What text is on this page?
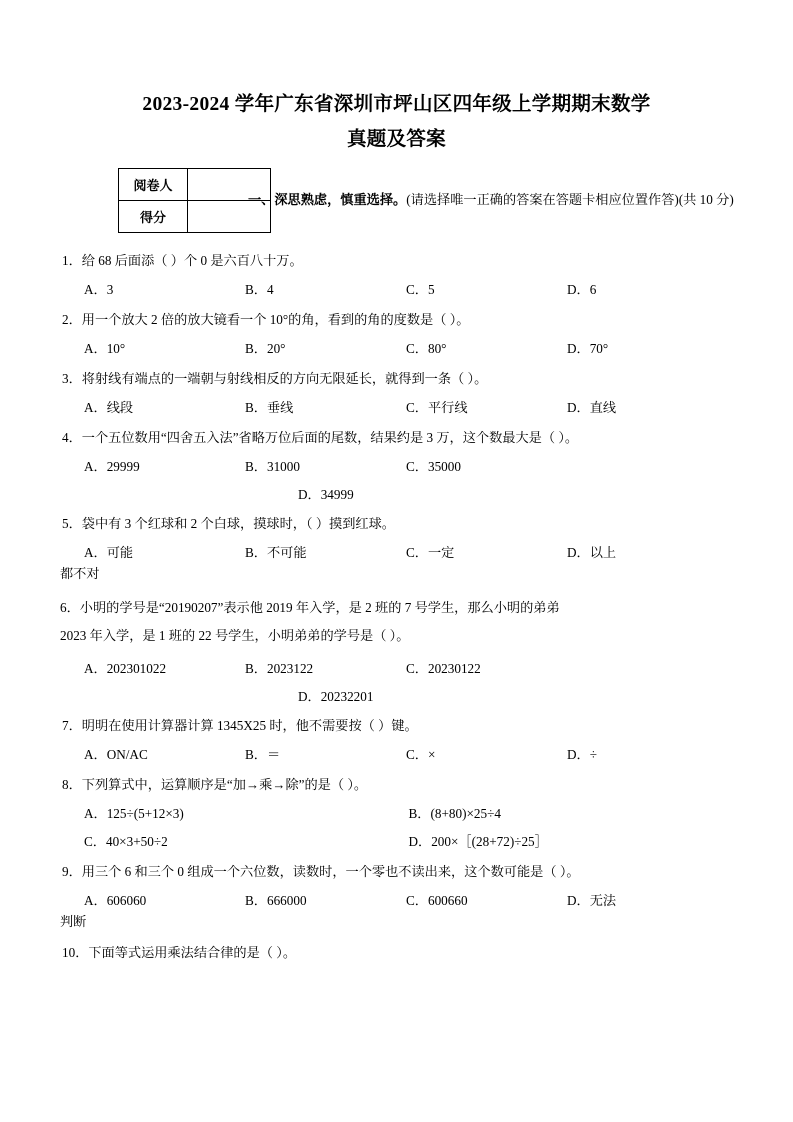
2023-2024 学年广东省深圳市坪山区四年级上学期期末数学
真题及答案
阅卷人	
得分	
一、深思熟虑，慎重选择。(请选择唯一正确的答案在答题卡相应位置作答)(共 10 分)
1．给 68 后面添（ ）个 0 是六百八十万。
A．3	B．4	C．5	D．6
2．用一个放大 2 倍的放大镜看一个 10°的角，看到的角的度数是（ ）。
A．10°	B．20°	C．80°	D．70°
3．将射线有端点的一端朝与射线相反的方向无限延长，就得到一条（ ）。
A．线段	B．垂线	C．平行线	D．直线
4．一个五位数用“四舍五入法”省略万位后面的尾数，结果约是 3 万，这个数最大是（ ）。
A．29999	B．31000	C．35000
D．34999
5．袋中有 3 个红球和 2 个白球，摸球时，（ ）摸到红球。
A．可能	B．不可能	C．一定	D．以上
都不对
6．小明的学号是“20190207”表示他 2019 年入学，是 2 班的 7 号学生，那么小明的弟弟
2023 年入学，是 1 班的 22 号学生，小明弟弟的学号是（ ）。
A．202301022	B．2023122	C．20230122
D．20232201
7．明明在使用计算器计算 1345X25 时，他不需要按（ ）键。
A．ON/AC	B．＝	C．×	D．÷
8．下列算式中，运算顺序是“加→乘→除”的是（ ）。
A．125÷(5+12×3)	B．(8+80)×25÷4
C．40×3+50÷2	D．200×［(28+72)÷25］
9．用三个 6 和三个 0 组成一个六位数，读数时，一个零也不读出来，这个数可能是（ ）。
A．606060	B．666000	C．600660	D．无法
判断
10．下面等式运用乘法结合律的是（ ）。
